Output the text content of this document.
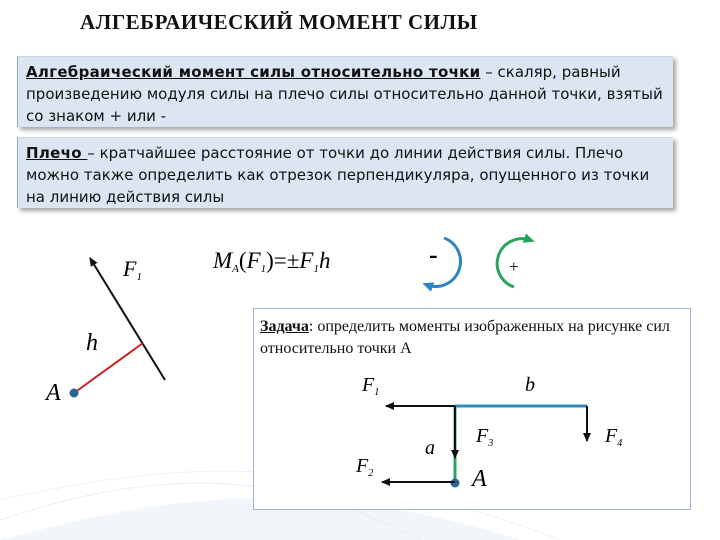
АЛГЕБРАИЧЕСКИЙ МОМЕНТ СИЛЫ
Алгебраический момент силы относительно точки – скаляр, равный произведению модуля силы на плечо силы относительно данной точки, взятый со знаком + или -
Плечо – кратчайшее расстояние от точки до линии действия силы. Плечо можно также определить как отрезок перпендикуляра, опущенного из точки на линию действия силы
F1
h
A
MA(F1)=±F1h	-	+
Задача: определить моменты изображенных на рисунке сил относительно точки А
$F_1$
$F_2$
$F_3$	$F_4$
a
b
A
